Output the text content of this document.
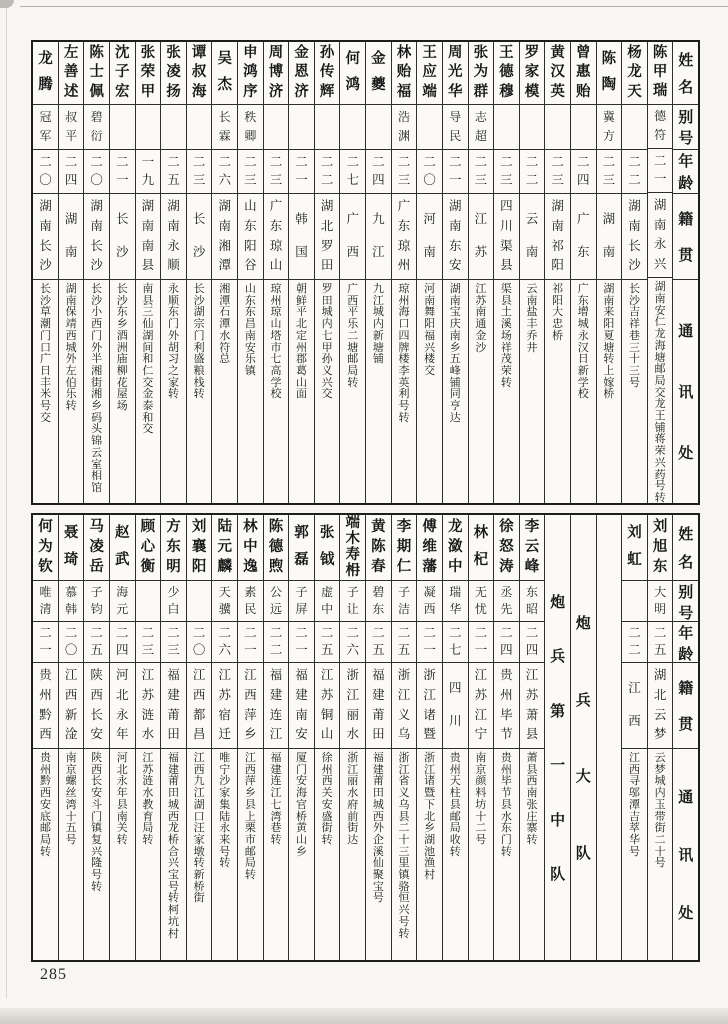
姓
名
别
号
年
龄
籍
贯
通
讯
处
陈
甲
瑞
德
符
二
一
湖
南
永
兴
湖
南
安
仁
龙
海
塘
邮
局
交
龙
王
铺
蒋
荣
兴
药
号
转
杨
龙
天
二
二
湖
南
长
沙
长
沙
吉
祥
巷
三
十
三
号
陈
陶
冀
方
二
三
湖
南
湖
南
来
阳
夏
塘
转
上
嫁
桥
曾
惠
贻
二
四
广
东
广
东
增
城
永
汉
日
新
学
校
黄
汉
英
二
三
湖
南
祁
阳
祁
阳
大
忠
桥
罗
家
模
二
二
云
南
云
南
盐
丰
乔
井
王
德
穆
二
三
四
川
渠
县
渠
县
土
溪
场
祥
茂
荣
转
张
为
群
志
超
二
三
江
苏
江
苏
南
通
金
沙
周
光
华
导
民
二
一
湖
南
东
安
湖
南
宝
庆
南
乡
五
峰
铺
同
亨
达
王
应
端
二
〇
河
南
河
南
舞
阳
福
兴
楼
交
林
贻
福
浩
渊
二
三
广
东
琼
州
琼
州
海
口
四
牌
楼
李
英
利
号
转
金
夔
二
四
九
江
九
江
城
内
新
塘
铺
何
鸿
二
七
广
西
广
西
平
乐
二
塘
邮
局
转
孙
传
辉
二
二
湖
北
罗
田
罗
田
城
内
七
甲
孙
义
兴
交
金
恩
济
二
一
韩
国
朝
鲜
平
北
定
州
郡
葛
山
面
周
博
济
二
三
广
东
琼
山
琼
州
琼
山
塔
市
七
高
学
校
申
鸿
序
秩
卿
二
三
山
东
阳
谷
山
东
东
昌
南
安
乐
镇
吴
杰
长
霖
二
六
湖
南
湘
潭
湘
潭
石
潭
水
符
总
谭
叔
海
二
三
长
沙
长
沙
湖
宗
门
利
盛
粮
栈
转
张
凌
扬
二
五
湖
南
永
顺
永
顺
东
门
外
胡
习
之
家
转
张
荣
甲
一
九
湖
南
南
县
南
县
三
仙
湖
间
和
仁
交
金
泰
和
交
沈
子
宏
二
一
长
沙
长
沙
东
乡
酒
洲
庙
柳
花
屋
场
陈
士
佩
碧
衍
二
〇
湖
南
长
沙
长
沙
小
西
门
外
半
湘
街
湘
乡
码
头
锦
云
室
相
馆
左
善
述
叔
平
二
四
湖
南
湖
南
保
靖
西
城
外
左
伯
乐
转
龙
腾
冠
军
二
〇
湖
南
长
沙
长
沙
草
潮
门
口
广
日
丰
米
号
交
姓
名
别
号
年
龄
籍
贯
通
讯
处
刘
旭
东
大
明
二
五
湖
北
云
梦
云
梦
城
内
玉
带
街
二
十
号
刘
虹
二
二
江
西
江
西
寻
邬
潭
吉
萃
华
号
炮
兵
大
队
炮
兵
第
一
中
队
李
云
峰
东
昭
二
四
江
苏
萧
县
萧
县
西
南
张
庄
寨
转
徐
怒
涛
丞
先
二
四
贵
州
毕
节
贵
州
毕
节
县
水
东
门
转
林
杞
无
忧
二
一
江
苏
江
宁
南
京
颜
料
坊
十
二
号
龙
潋
中
瑞
华
二
七
四
川
贵
州
天
柱
县
邮
局
收
转
傅
维
藩
凝
西
二
一
浙
江
诸
暨
浙
江
诸
暨
下
北
乡
湖
池
渔
村
李
期
仁
子
洁
二
五
浙
江
义
乌
浙
江
省
义
乌
县
二
十
三
里
镇
骆
恒
兴
号
转
黄
陈
春
碧
东
二
五
福
建
莆
田
福
建
莆
田
城
西
外
企
溪
仙
聚
宝
号
端
木
寿
枏
子
让
二
六
浙
江
丽
水
浙
江
丽
水
府
前
街
达
张
钺
虚
中
二
五
江
苏
铜
山
徐
州
西
关
安
盛
街
转
郭
磊
子
屏
二
一
福
建
南
安
厦
门
安
海
官
桥
黄
山
乡
陈
德
煦
公
远
二
二
福
建
连
江
福
建
连
江
七
湾
巷
转
林
中
逸
素
民
二
一
江
西
萍
乡
江
西
萍
乡
县
上
栗
市
邮
局
转
陆
元
麟
天
骥
二
六
江
苏
宿
迁
唯
宁
沙
家
集
陆
永
来
号
转
刘
襄
阳
二
〇
江
西
都
昌
江
西
九
江
湖
口
汪
家
墩
转
新
桥
街
方
东
明
少
白
二
三
福
建
莆
田
福
建
莆
田
城
西
龙
桥
合
兴
宝
号
转
柯
坑
村
顾
心
衡
二
三
江
苏
涟
水
江
苏
涟
水
教
育
局
转
赵
武
海
元
二
四
河
北
永
年
河
北
永
年
县
南
关
转
马
凌
岳
子
钧
二
五
陕
西
长
安
陕
西
长
安
斗
门
镇
复
兴
隆
号
转
聂
琦
慕
韩
二
〇
江
西
新
淦
南
京
螺
丝
湾
十
五
号
何
为
钦
唯
清
二
一
贵
州
黔
西
贵
州
黔
西
安
底
邮
局
转
285
